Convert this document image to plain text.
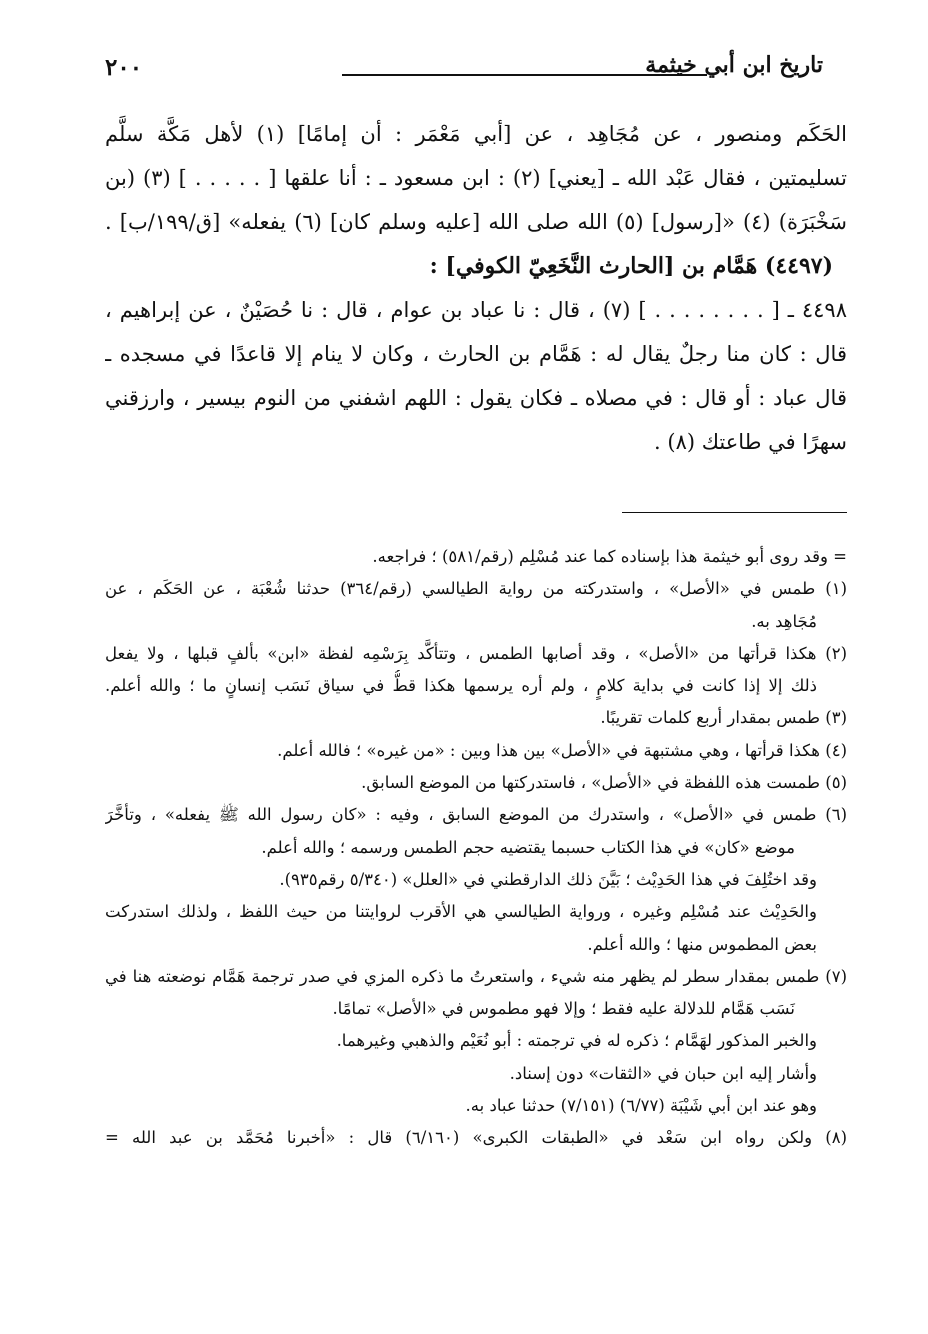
٢٠٠	تاريخ ابن أبي خيثمة
الحَكَم ومنصور ، عن مُجَاهِد ، عن [أبي مَعْمَر : أن إمامًا] (١) لأهل مَكَّة سلَّم
تسليمتين ، فقال عَبْد الله ـ [يعني] (٢) : ابن مسعود ـ : أنا علقها [ . . . . . ] (٣) (بن
سَخْبَرَة) (٤) «[رسول] (٥) الله صلى الله [عليه وسلم كان] (٦) يفعله» [ق/١٩٩/ب] .
(٤٤٩٧) هَمَّام بن [الحارث النَّخَعِيّ الكوفي] :
٤٤٩٨ ـ [ . . . . . . . . ] (٧) ، قال : نا عباد بن عوام ، قال : نا حُصَيْنٌ ، عن إبراهيم ،
قال : كان منا رجلٌ يقال له : هَمَّام بن الحارث ، وكان لا ينام إلا قاعدًا في مسجده ـ
قال عباد : أو قال : في مصلاه ـ فكان يقول : اللهم اشفني من النوم بيسير ، وارزقني
سهرًا في طاعتك (٨) .
= وقد روى أبو خيثمة هذا بإسناده كما عند مُسْلِم (رقم/٥٨١) ؛ فراجعه.
(١) طمس في «الأصل» ، واستدركته من رواية الطيالسي (رقم/٣٦٤) حدثنا شُعْبَة ، عن الحَكَم ، عن
مُجَاهِد به.
(٢) هكذا قرأتها من «الأصل» ، وقد أصابها الطمس ، وتتأكَّد بِرَسْمِه لفظة «ابن» بألفٍ قبلها ، ولا يفعل
ذلك إلا إذا كانت في بداية كلامٍ ، ولم أره يرسمها هكذا قطُّ في سياق نَسَب إنسانٍ ما ؛ والله أعلم.
(٣) طمس بمقدار أربع كلمات تقريبًا.
(٤) هكذا قرأتها ، وهي مشتبهة في «الأصل» بين هذا وبين : «من غيره» ؛ فالله أعلم.
(٥) طمست هذه اللفظة في «الأصل» ، فاستدركتها من الموضع السابق.
(٦) طمس في «الأصل» ، واستدرك من الموضع السابق ، وفيه : «كان رسول الله ﷺ يفعله» ، وتأخَّرَ
موضع «كان» في هذا الكتاب حسبما يقتضيه حجم الطمس ورسمه ؛ والله أعلم.
وقد اختُلِفَ في هذا الحَدِيْث ؛ بَيَّنَ ذلك الدارقطني في «العلل» (٥/٣٤٠ رقم٩٣٥).
والحَدِيْث عند مُسْلِم وغيره ، ورواية الطيالسي هي الأقرب لروايتنا من حيث اللفظ ، ولذلك استدركت
بعض المطموس منها ؛ والله أعلم.
(٧) طمس بمقدار سطر لم يظهر منه شيء ، واستعرتُ ما ذكره المزي في صدر ترجمة هَمَّام نوضعته هنا في
نَسَب هَمَّام للدلالة عليه فقط ؛ وإلا فهو مطموس في «الأصل» تمامًا.
والخبر المذكور لهَمَّام ؛ ذكره له في ترجمته : أبو نُعَيْم والذهبي وغيرهما.
وأشار إليه ابن حبان في «الثقات» دون إسناد.
وهو عند ابن أبي شَيْبَة (٦/٧٧) (٧/١٥١) حدثنا عباد به.
(٨) ولكن رواه ابن سَعْد في «الطبقات الكبرى» (٦/١٦٠) قال : «أخبرنا مُحَمَّد بن عبد الله =
